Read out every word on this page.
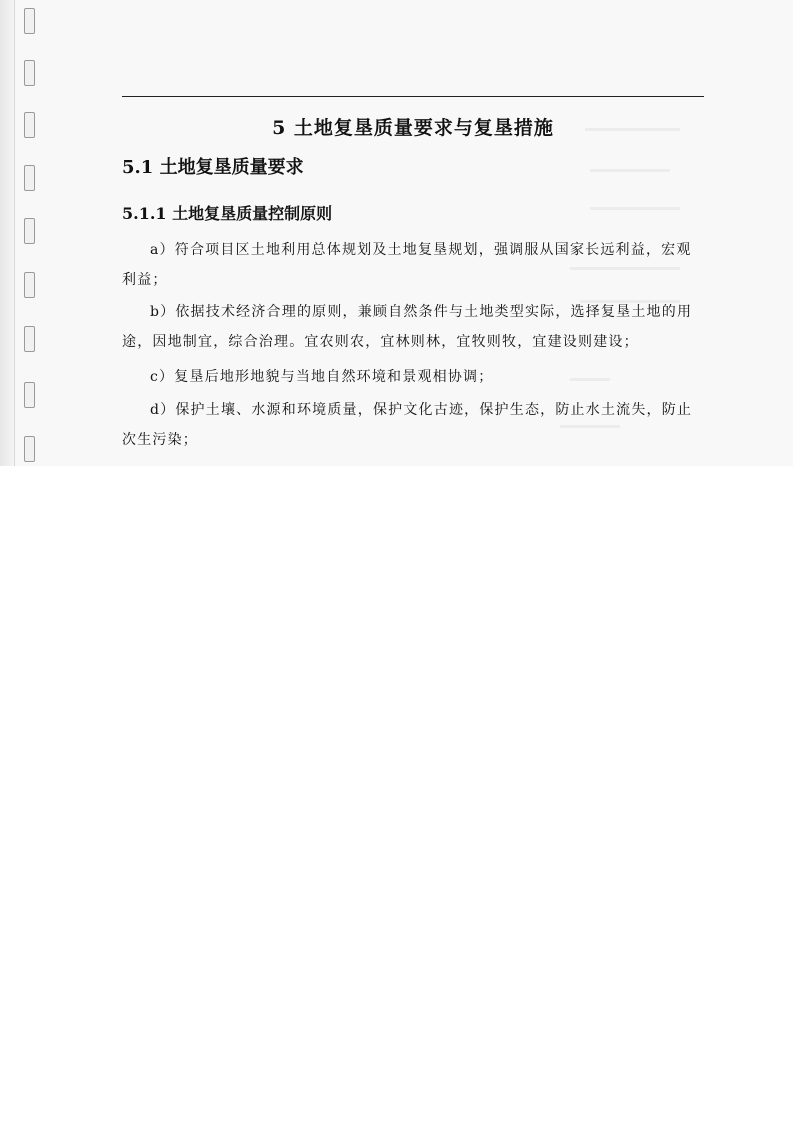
5 土地复垦质量要求与复垦措施
5.1 土地复垦质量要求
5.1.1 土地复垦质量控制原则

a）符合项目区土地利用总体规划及土地复垦规划，强调服从国家长远利益，宏观利益；

b）依据技术经济合理的原则，兼顾自然条件与土地类型实际，选择复垦土地的用途，因地制宜，综合治理。宜农则农，宜林则林，宜牧则牧，宜建设则建设；

c）复垦后地形地貌与当地自然环境和景观相协调；

d）保护土壤、水源和环境质量，保护文化古迹，保护生态，防止水土流失，防止次生污染；
